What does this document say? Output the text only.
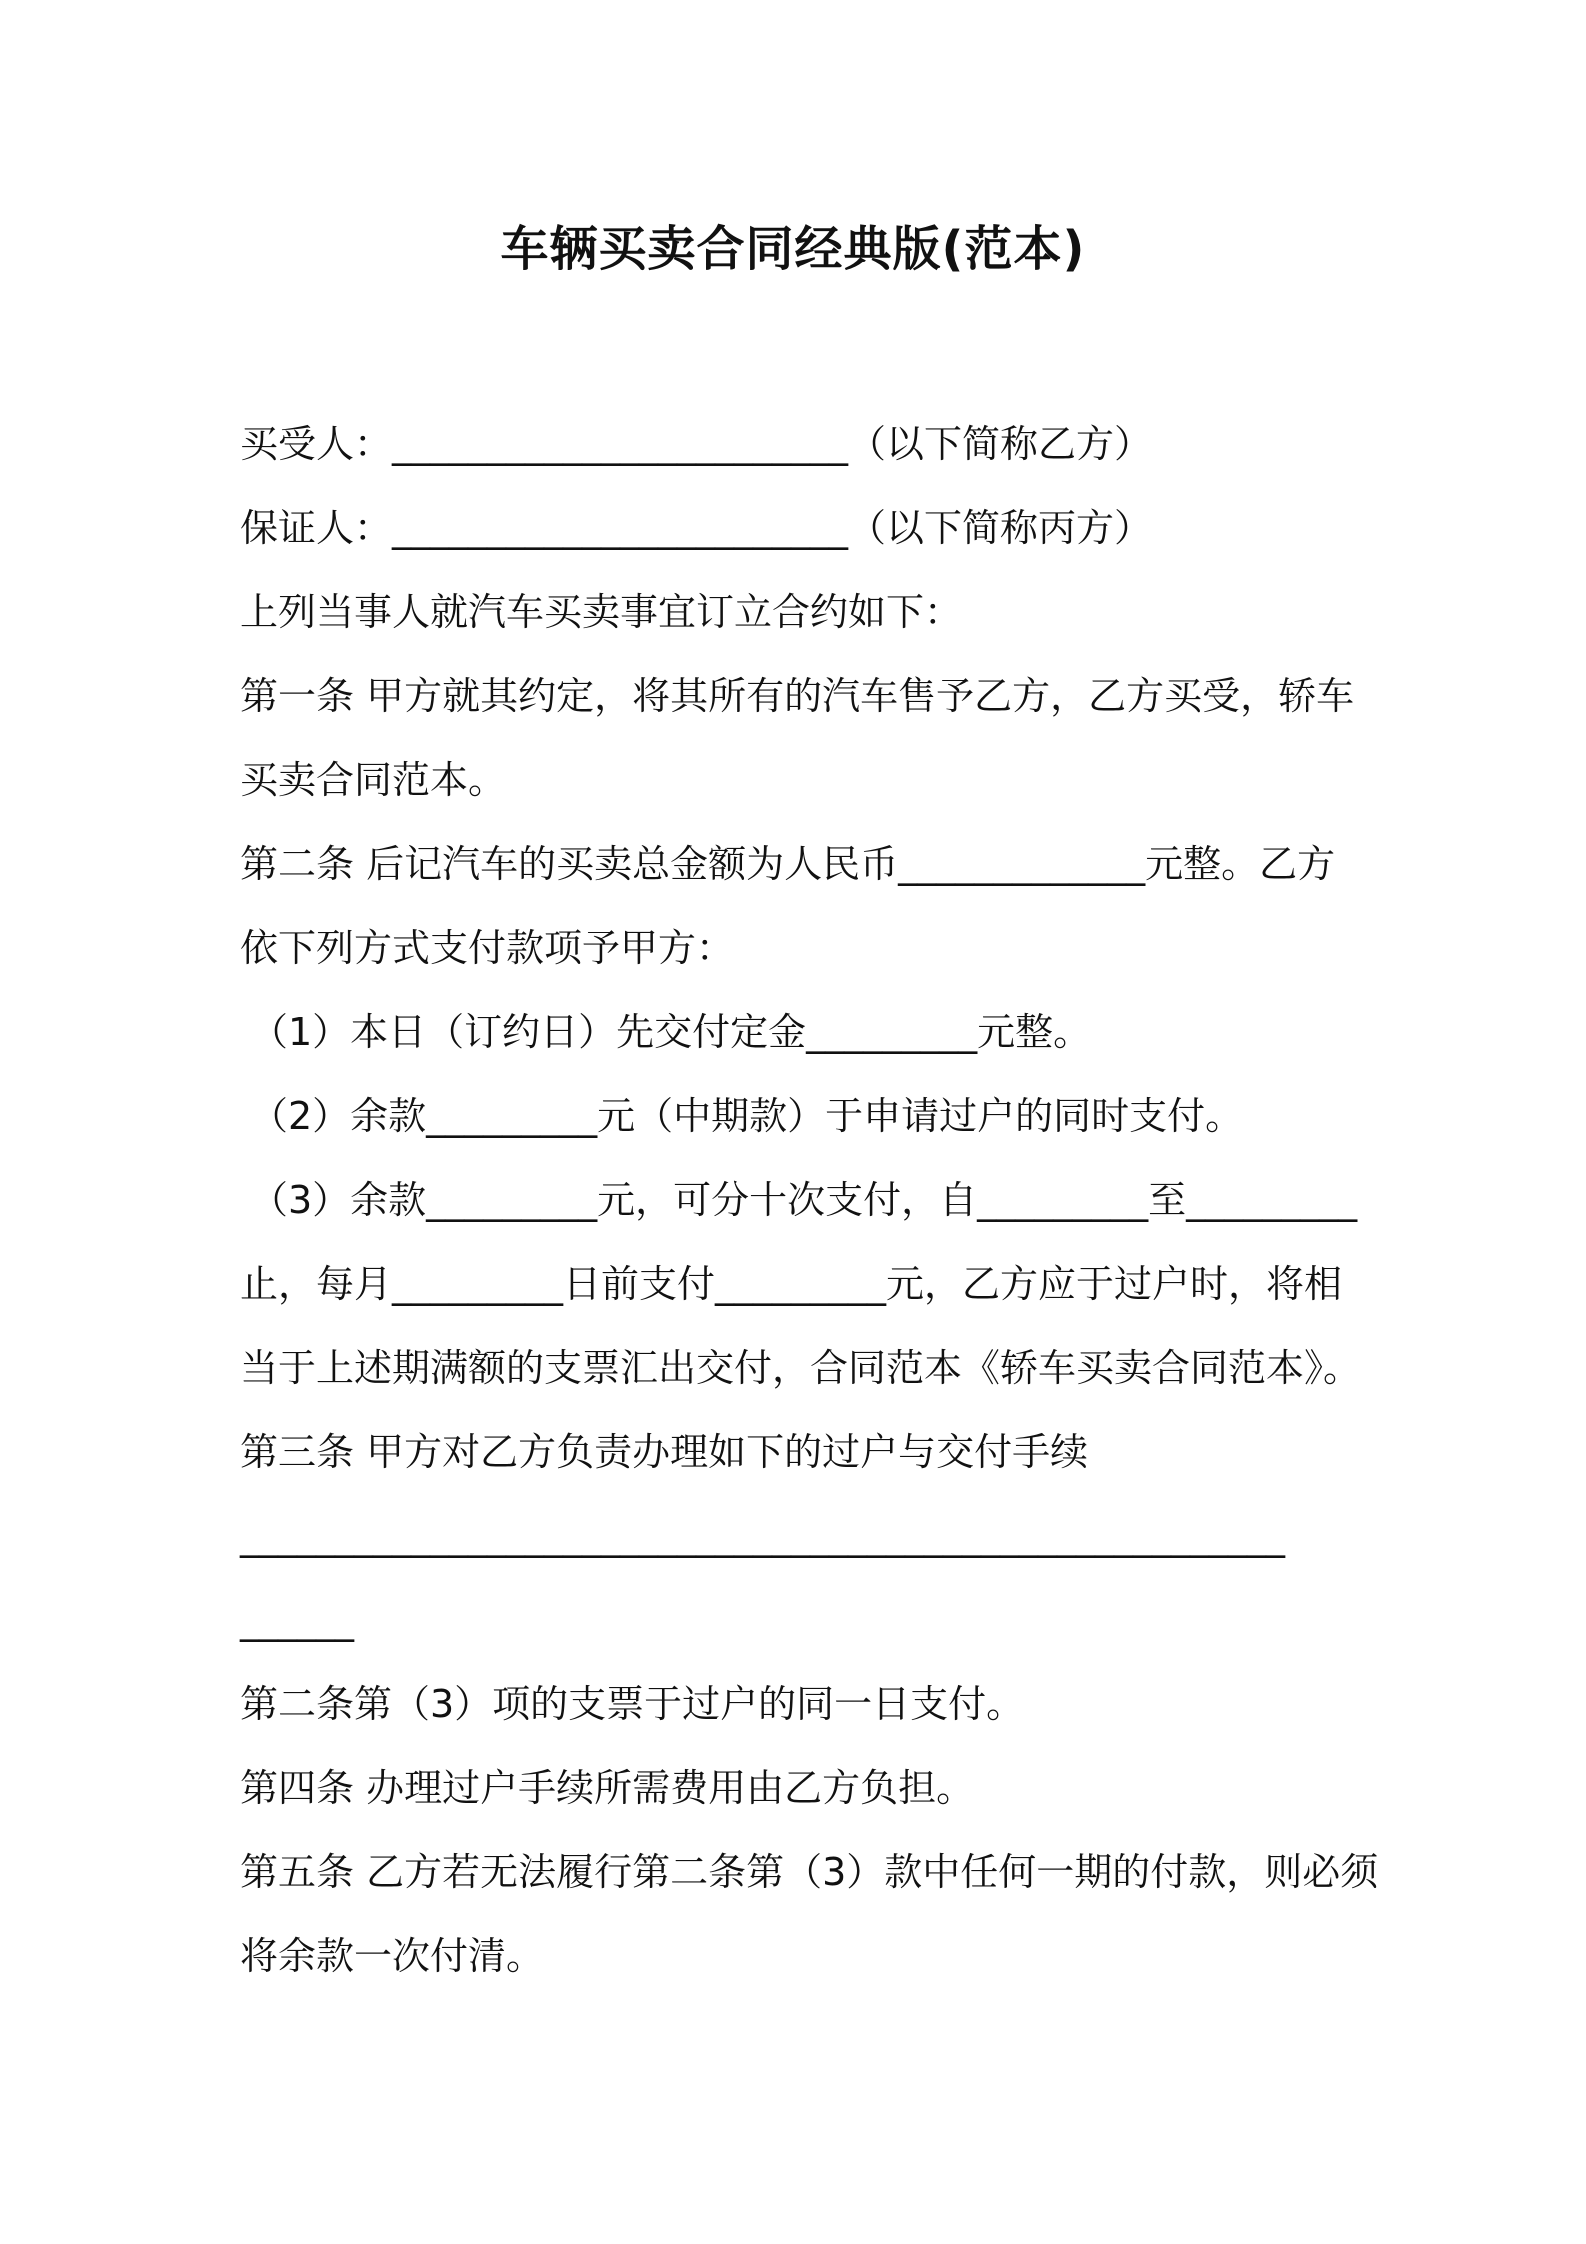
车辆买卖合同经典版(范本)
买受人：________________________（以下简称乙方）
保证人：________________________（以下简称丙方）
上列当事人就汽车买卖事宜订立合约如下：
第一条 甲方就其约定，将其所有的汽车售予乙方，乙方买受，轿车
买卖合同范本。
第二条 后记汽车的买卖总金额为人民币_____________元整。乙方
依下列方式支付款项予甲方：
（1）本日（订约日）先交付定金_________元整。
（2）余款_________元（中期款）于申请过户的同时支付。
（3）余款_________元，可分十次支付，自_________至_________
止，每月_________日前支付_________元，乙方应于过户时，将相
当于上述期满额的支票汇出交付，合同范本《轿车买卖合同范本》。
第三条 甲方对乙方负责办理如下的过户与交付手续
_______________________________________________________
______
第二条第（3）项的支票于过户的同一日支付。
第四条 办理过户手续所需费用由乙方负担。
第五条 乙方若无法履行第二条第（3）款中任何一期的付款，则必须
将余款一次付清。
